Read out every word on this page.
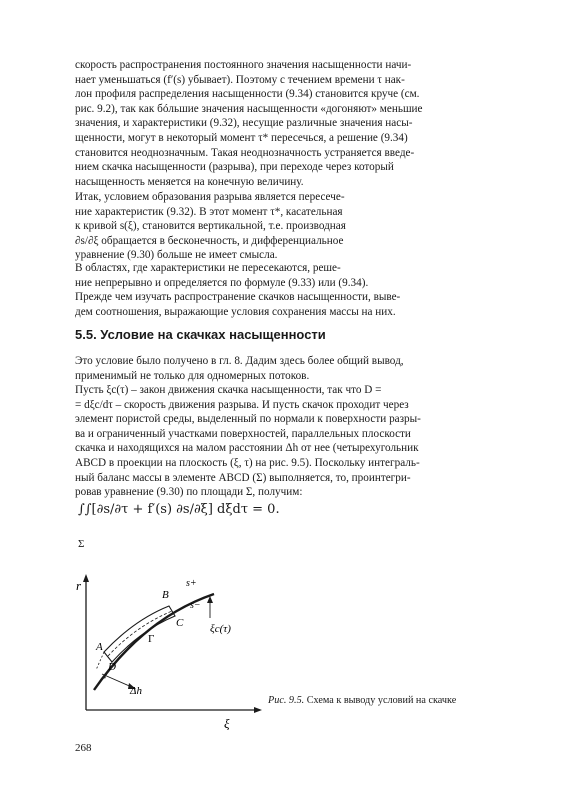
скорость распространения постоянного значения насыщенности начи-
нает уменьшаться (f′(s) убывает). Поэтому с течением времени τ нак-
лон профиля распределения насыщенности (9.34) становится круче (см.
рис. 9.2), так как бóльшие значения насыщенности «догоняют» меньшие
значения, и характеристики (9.32), несущие различные значения насы-
щенности, могут в некоторый момент τ* пересечься, а решение (9.34)
становится неоднозначным. Такая неоднозначность устраняется введе-
нием скачка насыщенности (разрыва), при переходе через который
насыщенность меняется на конечную величину.
Итак, условием образования разрыва является пересече-
ние характеристик (9.32). В этот момент τ*, касательная
к кривой s(ξ), становится вертикальной, т.е. производная
∂s/∂ξ обращается в бесконечность, и дифференциальное
уравнение (9.30) больше не имеет смысла.
В областях, где характеристики не пересекаются, реше-
ние непрерывно и определяется по формуле (9.33) или (9.34).
Прежде чем изучать распространение скачков насыщенности, выве-
дем соотношения, выражающие условия сохранения массы на них.
Это условие было получено в гл. 8. Дадим здесь более общий вывод,
применимый не только для одномерных потоков.
Пусть ξc(τ) – закон движения скачка насыщенности, так что D =
= dξc/dτ – скорость движения разрыва. И пусть скачок проходит через
элемент пористой среды, выделенный по нормали к поверхности разры-
ва и ограниченный участками поверхностей, параллельных плоскости
скачка и находящихся на малом расстоянии Δh от нее (четырехугольник
ABCD в проекции на плоскость (ξ, τ) на рис. 9.5). Поскольку интеграль-
ный баланс массы в элементе ABCD (Σ) выполняется, то, проинтегри-
ровав уравнение (9.30) по площади Σ, получим:
5.5. Условие на скачках насыщенности
∫∫[∂s/∂τ + f′(s) ∂s/∂ξ] dξdτ = 0.
Σ
r
ξ
B
C
A
D
Γ
s+
s−
ξc(τ)
Δh
Рис. 9.5. Схема к выводу условий на скачке
268
